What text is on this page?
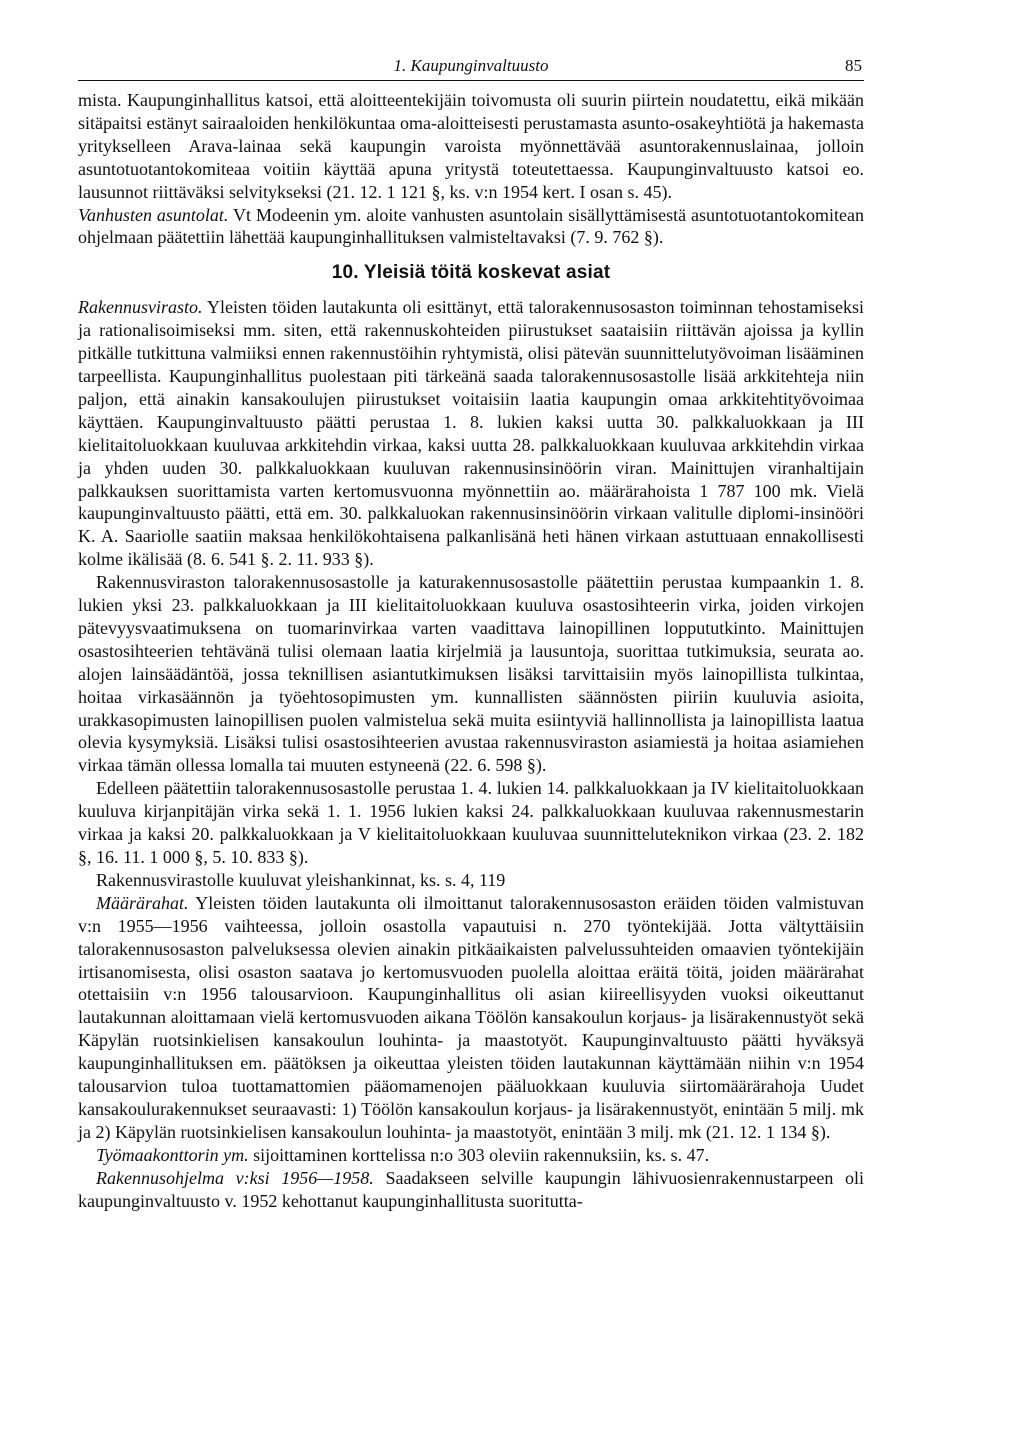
1. Kaupunginvaltuusto	85

mista. Kaupunginhallitus katsoi, että aloitteentekijäin toivomusta oli suurin piirtein noudatettu, eikä mikään sitäpaitsi estänyt sairaaloiden henkilökuntaa oma-aloitteisesti perustamasta asunto-osakeyhtiötä ja hakemasta yritykselleen Arava-lainaa sekä kaupungin varoista myönnettävää asuntorakennuslainaa, jolloin asuntotuotantokomiteaa voitiin käyttää apuna yritystä toteutettaessa. Kaupunginvaltuusto katsoi eo. lausunnot riittäväksi selvitykseksi (21. 12. 1 121 §, ks. v:n 1954 kert. I osan s. 45).

Vanhusten asuntolat. Vt Modeenin ym. aloite vanhusten asuntolain sisällyttämisestä asuntotuotantokomitean ohjelmaan päätettiin lähettää kaupunginhallituksen valmisteltavaksi (7. 9. 762 §).

10. Yleisiä töitä koskevat asiat

Rakennusvirasto. Yleisten töiden lautakunta oli esittänyt, että talorakennusosaston toiminnan tehostamiseksi ja rationalisoimiseksi mm. siten, että rakennuskohteiden piirustukset saataisiin riittävän ajoissa ja kyllin pitkälle tutkittuna valmiiksi ennen rakennustöihin ryhtymistä, olisi pätevän suunnittelutyövoiman lisääminen tarpeellista. Kaupunginhallitus puolestaan piti tärkeänä saada talorakennusosastolle lisää arkkitehteja niin paljon, että ainakin kansakoulujen piirustukset voitaisiin laatia kaupungin omaa arkkitehtityövoimaa käyttäen. Kaupunginvaltuusto päätti perustaa 1. 8. lukien kaksi uutta 30. palkkaluokkaan ja III kielitaitoluokkaan kuuluvaa arkkitehdin virkaa, kaksi uutta 28. palkkaluokkaan kuuluvaa arkkitehdin virkaa ja yhden uuden 30. palkkaluokkaan kuuluvan rakennusinsinöörin viran. Mainittujen viranhaltijain palkkauksen suorittamista varten kertomusvuonna myönnettiin ao. määrärahoista 1 787 100 mk. Vielä kaupunginvaltuusto päätti, että em. 30. palkkaluokan rakennusinsinöörin virkaan valitulle diplomi-insinööri K. A. Saariolle saatiin maksaa henkilökohtaisena palkanlisänä heti hänen virkaan astuttuaan ennakollisesti kolme ikälisää (8. 6. 541 §. 2. 11. 933 §).

Rakennusviraston talorakennusosastolle ja katurakennusosastolle päätettiin perustaa kumpaankin 1. 8. lukien yksi 23. palkkaluokkaan ja III kielitaitoluokkaan kuuluva osastosihteerin virka, joiden virkojen pätevyysvaatimuksena on tuomarinvirkaa varten vaadittava lainopillinen loppututkinto. Mainittujen osastosihteerien tehtävänä tulisi olemaan laatia kirjelmiä ja lausuntoja, suorittaa tutkimuksia, seurata ao. alojen lainsäädäntöä, jossa teknillisen asiantutkimuksen lisäksi tarvittaisiin myös lainopillista tulkintaa, hoitaa virkasäännön ja työehtosopimusten ym. kunnallisten säännösten piiriin kuuluvia asioita, urakkasopimusten lainopillisen puolen valmistelua sekä muita esiintyviä hallinnollista ja lainopillista laatua olevia kysymyksiä. Lisäksi tulisi osastosihteerien avustaa rakennusviraston asiamiestä ja hoitaa asiamiehen virkaa tämän ollessa lomalla tai muuten estyneenä (22. 6. 598 §).

Edelleen päätettiin talorakennusosastolle perustaa 1. 4. lukien 14. palkkaluokkaan ja IV kielitaitoluokkaan kuuluva kirjanpitäjän virka sekä 1. 1. 1956 lukien kaksi 24. palkkaluokkaan kuuluvaa rakennusmestarin virkaa ja kaksi 20. palkkaluokkaan ja V kielitaitoluokkaan kuuluvaa suunnitteluteknikon virkaa (23. 2. 182 §, 16. 11. 1 000 §, 5. 10. 833 §).

Rakennusvirastolle kuuluvat yleishankinnat, ks. s. 4, 119

Määrärahat. Yleisten töiden lautakunta oli ilmoittanut talorakennusosaston eräiden töiden valmistuvan v:n 1955—1956 vaihteessa, jolloin osastolla vapautuisi n. 270 työntekijää. Jotta vältyttäisiin talorakennusosaston palveluksessa olevien ainakin pitkäaikaisten palvelussuhteiden omaavien työntekijäin irtisanomisesta, olisi osaston saatava jo kertomusvuoden puolella aloittaa eräitä töitä, joiden määrärahat otettaisiin v:n 1956 talousarvioon. Kaupunginhallitus oli asian kiireellisyyden vuoksi oikeuttanut lautakunnan aloittamaan vielä kertomusvuoden aikana Töölön kansakoulun korjaus- ja lisärakennustyöt sekä Käpylän ruotsinkielisen kansakoulun louhinta- ja maastotyöt. Kaupunginvaltuusto päätti hyväksyä kaupunginhallituksen em. päätöksen ja oikeuttaa yleisten töiden lautakunnan käyttämään niihin v:n 1954 talousarvion tuloa tuottamattomien pääomamenojen pääluokkaan kuuluvia siirtomäärärahoja Uudet kansakoulurakennukset seuraavasti: 1) Töölön kansakoulun korjaus- ja lisärakennustyöt, enintään 5 milj. mk ja 2) Käpylän ruotsinkielisen kansakoulun louhinta- ja maastotyöt, enintään 3 milj. mk (21. 12. 1 134 §).

Työmaakonttorin ym. sijoittaminen korttelissa n:o 303 oleviin rakennuksiin, ks. s. 47.

Rakennusohjelma v:ksi 1956—1958. Saadakseen selville kaupungin lähivuosienrakennustarpeen oli kaupunginvaltuusto v. 1952 kehottanut kaupunginhallitusta suoritutta-
